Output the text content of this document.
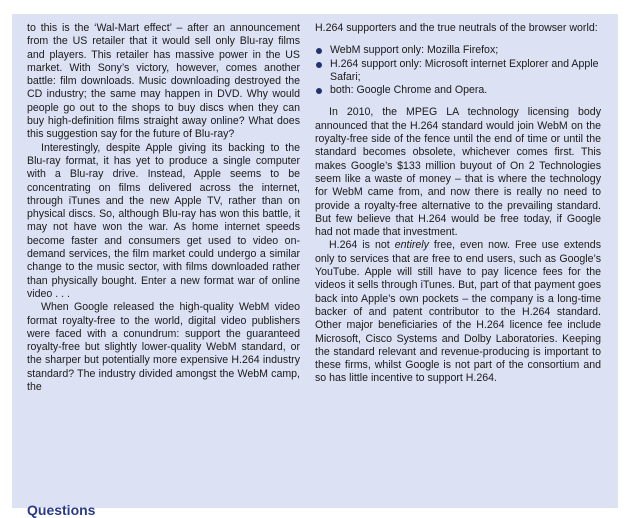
to this is the ‘Wal-Mart effect’ – after an announcement from the US retailer that it would sell only Blu-ray films and players. This retailer has massive power in the US market. With Sony’s victory, however, comes another battle: film downloads. Music downloading destroyed the CD industry; the same may happen in DVD. Why would people go out to the shops to buy discs when they can buy high-definition films straight away online? What does this suggestion say for the future of Blu-ray?

Interestingly, despite Apple giving its backing to the Blu-ray format, it has yet to produce a single computer with a Blu-ray drive. Instead, Apple seems to be concentrating on films delivered across the internet, through iTunes and the new Apple TV, rather than on physical discs. So, although Blu-ray has won this battle, it may not have won the war. As home internet speeds become faster and consumers get used to video on-demand services, the film market could undergo a similar change to the music sector, with films downloaded rather than physically bought. Enter a new format war of online video . . .

When Google released the high-quality WebM video format royalty-free to the world, digital video publishers were faced with a conundrum: support the guaranteed royalty-free but slightly lower-quality WebM standard, or the sharper but potentially more expensive H.264 industry standard? The industry divided amongst the WebM camp, the

H.264 supporters and the true neutrals of the browser world:

WebM support only: Mozilla Firefox;
H.264 support only: Microsoft internet Explorer and Apple Safari;
both: Google Chrome and Opera.

In 2010, the MPEG LA technology licensing body announced that the H.264 standard would join WebM on the royalty-free side of the fence until the end of time or until the standard becomes obsolete, whichever comes first. This makes Google’s $133 million buyout of On 2 Technologies seem like a waste of money – that is where the technology for WebM came from, and now there is really no need to provide a royalty-free alternative to the prevailing standard. But few believe that H.264 would be free today, if Google had not made that investment.

H.264 is not entirely free, even now. Free use extends only to services that are free to end users, such as Google’s YouTube. Apple will still have to pay licence fees for the videos it sells through iTunes. But, part of that payment goes back into Apple’s own pockets – the company is a long-time backer of and patent contributor to the H.264 standard. Other major beneficiaries of the H.264 licence fee include Microsoft, Cisco Systems and Dolby Laboratories. Keeping the standard relevant and revenue-producing is important to these firms, whilst Google is not part of the consortium and so has little incentive to support H.264.

Questions
